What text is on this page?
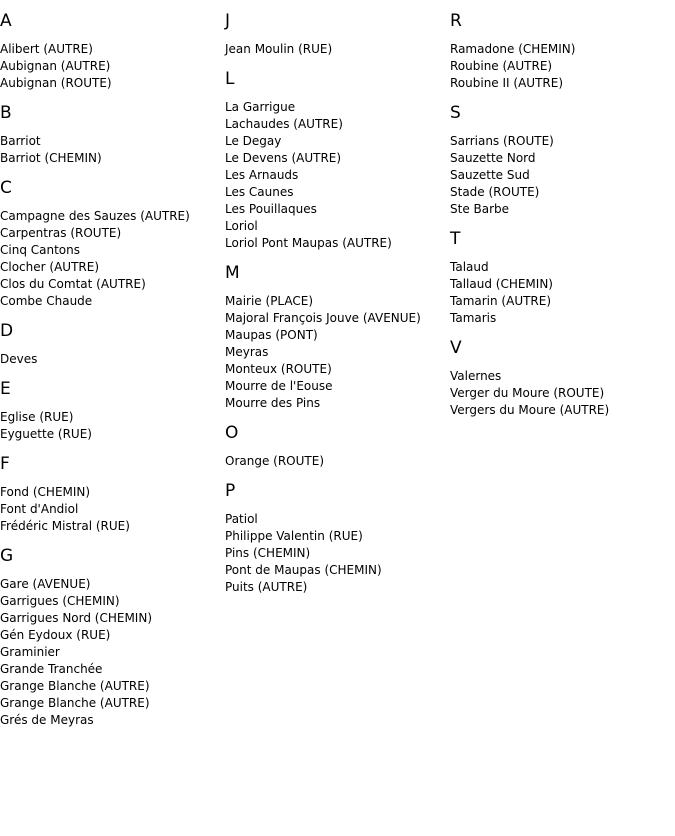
A
Alibert (AUTRE)
Aubignan (AUTRE)
Aubignan (ROUTE)
B
Barriot
Barriot (CHEMIN)
C
Campagne des Sauzes (AUTRE)
Carpentras (ROUTE)
Cinq Cantons
Clocher (AUTRE)
Clos du Comtat (AUTRE)
Combe Chaude
D
Deves
E
Eglise (RUE)
Eyguette (RUE)
F
Fond (CHEMIN)
Font d'Andiol
Frédéric Mistral (RUE)
G
Gare (AVENUE)
Garrigues (CHEMIN)
Garrigues Nord (CHEMIN)
Gén Eydoux (RUE)
Graminier
Grande Tranchée
Grange Blanche (AUTRE)
Grange Blanche (AUTRE)
Grés de Meyras
J
Jean Moulin (RUE)
L
La Garrigue
Lachaudes (AUTRE)
Le Degay
Le Devens (AUTRE)
Les Arnauds
Les Caunes
Les Pouillaques
Loriol
Loriol Pont Maupas (AUTRE)
M
Mairie (PLACE)
Majoral François Jouve (AVENUE)
Maupas (PONT)
Meyras
Monteux (ROUTE)
Mourre de l'Eouse
Mourre des Pins
O
Orange (ROUTE)
P
Patiol
Philippe Valentin (RUE)
Pins (CHEMIN)
Pont de Maupas (CHEMIN)
Puits (AUTRE)
R
Ramadone (CHEMIN)
Roubine (AUTRE)
Roubine II (AUTRE)
S
Sarrians (ROUTE)
Sauzette Nord
Sauzette Sud
Stade (ROUTE)
Ste Barbe
T
Talaud
Tallaud (CHEMIN)
Tamarin (AUTRE)
Tamaris
V
Valernes
Verger du Moure (ROUTE)
Vergers du Moure (AUTRE)
